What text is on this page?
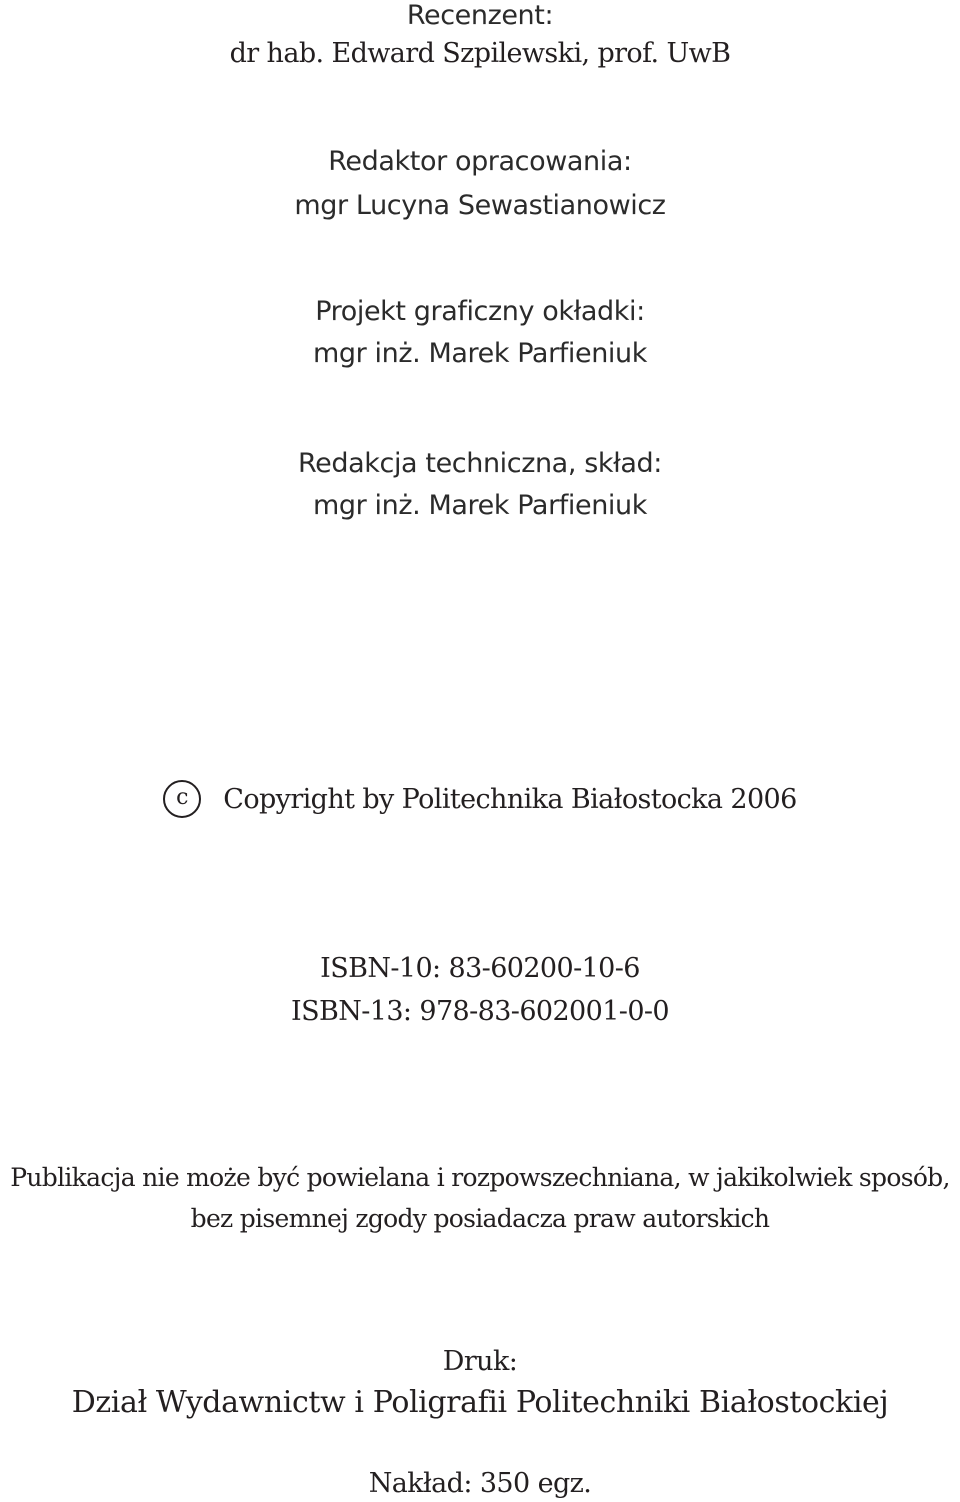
Recenzent:
dr hab. Edward Szpilewski, prof. UwB
Redaktor opracowania:
mgr Lucyna Sewastianowicz
Projekt graficzny okładki:
mgr inż. Marek Parfieniuk
Redakcja techniczna, skład:
mgr inż. Marek Parfieniuk
c Copyright by Politechnika Białostocka 2006
ISBN-10: 83-60200-10-6
ISBN-13: 978-83-602001-0-0
Publikacja nie może być powielana i rozpowszechniana, w jakikolwiek sposób,
bez pisemnej zgody posiadacza praw autorskich
Druk:
Dział Wydawnictw i Poligrafii Politechniki Białostockiej
Nakład: 350 egz.
